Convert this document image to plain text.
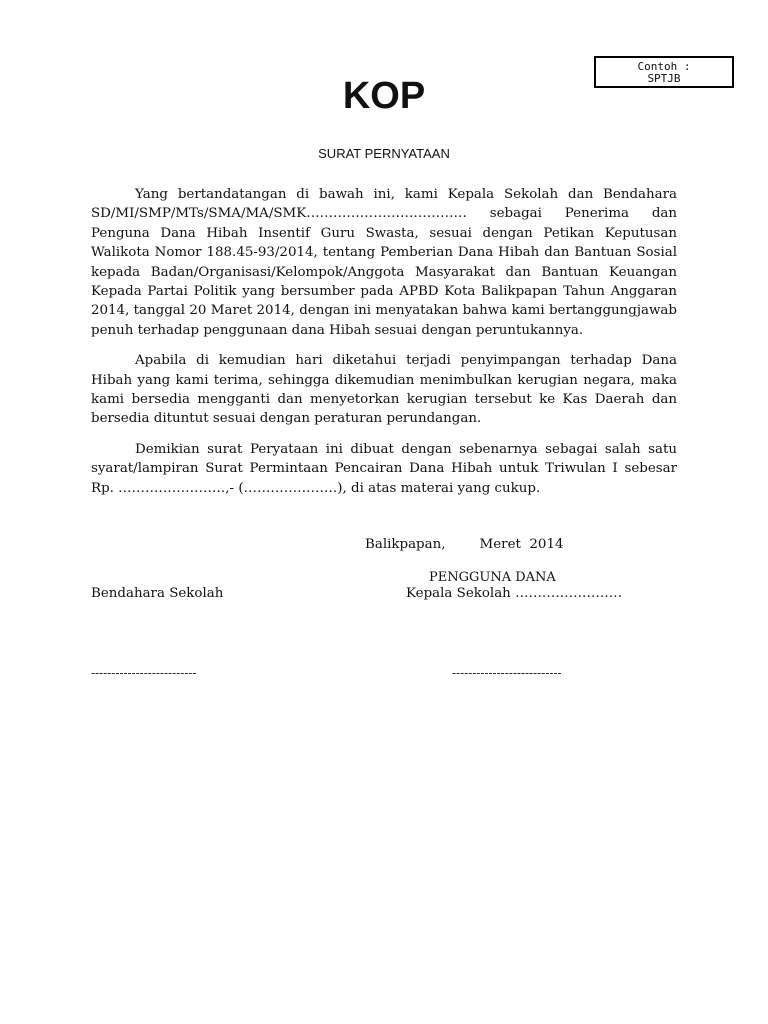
Contoh :
SPTJB
KOP
SURAT PERNYATAAN

Yang bertandatangan di bawah ini, kami Kepala Sekolah dan Bendahara SD/MI/SMP/MTs/SMA/MA/SMK……………………………… sebagai Penerima dan Penguna Dana Hibah Insentif Guru Swasta, sesuai dengan Petikan Keputusan Walikota Nomor 188.45-93/2014, tentang Pemberian Dana Hibah dan Bantuan Sosial kepada Badan/Organisasi/Kelompok/Anggota Masyarakat dan Bantuan Keuangan Kepada Partai Politik yang bersumber pada APBD Kota Balikpapan Tahun Anggaran 2014, tanggal 20 Maret 2014, dengan ini menyatakan bahwa kami bertanggungjawab penuh terhadap penggunaan dana Hibah sesuai dengan peruntukannya.

Apabila di kemudian hari diketahui terjadi penyimpangan terhadap Dana Hibah yang kami terima, sehingga dikemudian menimbulkan kerugian negara, maka kami bersedia mengganti dan menyetorkan kerugian tersebut ke Kas Daerah dan bersedia dituntut sesuai dengan peraturan perundangan.

Demikian surat Peryataan ini dibuat dengan sebenarnya sebagai salah satu syarat/lampiran Surat Permintaan Pencairan Dana Hibah untuk Triwulan I sebesar Rp. ……………………,- (…………………), di atas materai yang cukup.

Balikpapan,        Meret  2014
PENGGUNA DANA
Bendahara Sekolah	Kepala Sekolah ……………………
--------------------------	---------------------------
